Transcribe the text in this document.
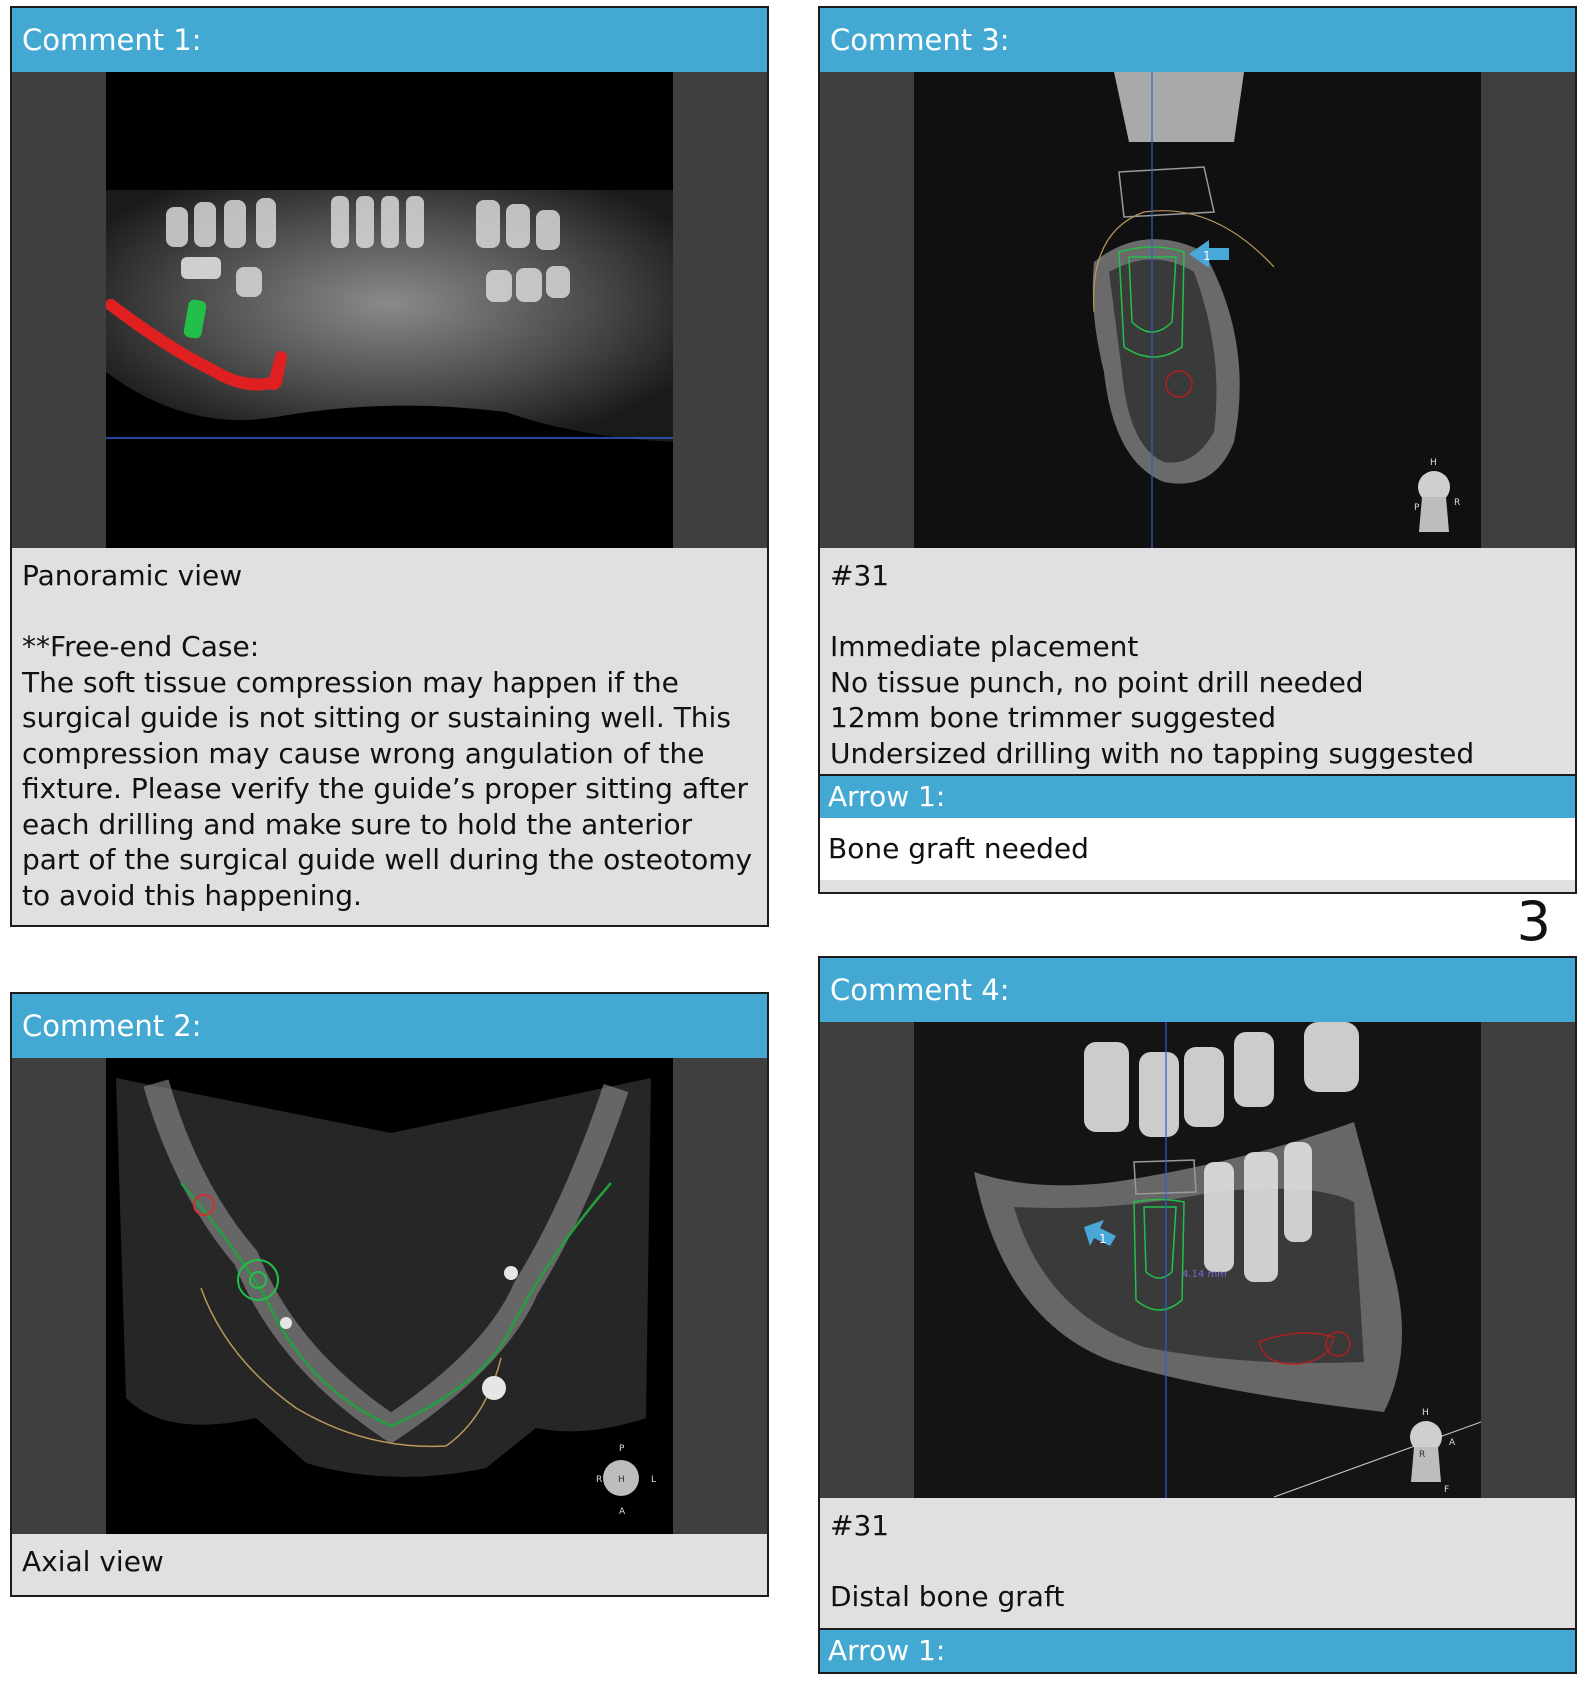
Comment 1:
Panoramic view

**Free-end Case:
The soft tissue compression may happen if the surgical guide is not sitting or sustaining well. This compression may cause wrong angulation of the fixture. Please verify the guide’s proper sitting after each drilling and make sure to hold the anterior part of the surgical guide well during the osteotomy to avoid this happening.
Comment 2:
P
R H	L
A
Axial view
Comment 3:
1
H
P	R
#31

Immediate placement
No tissue punch, no point drill needed
12mm bone trimmer suggested
Undersized drilling with no tapping suggested
Arrow 1:
Bone graft needed
3
Comment 4:
4.14 mm
1
H
A
R
F
#31

Distal bone graft
Arrow 1:
